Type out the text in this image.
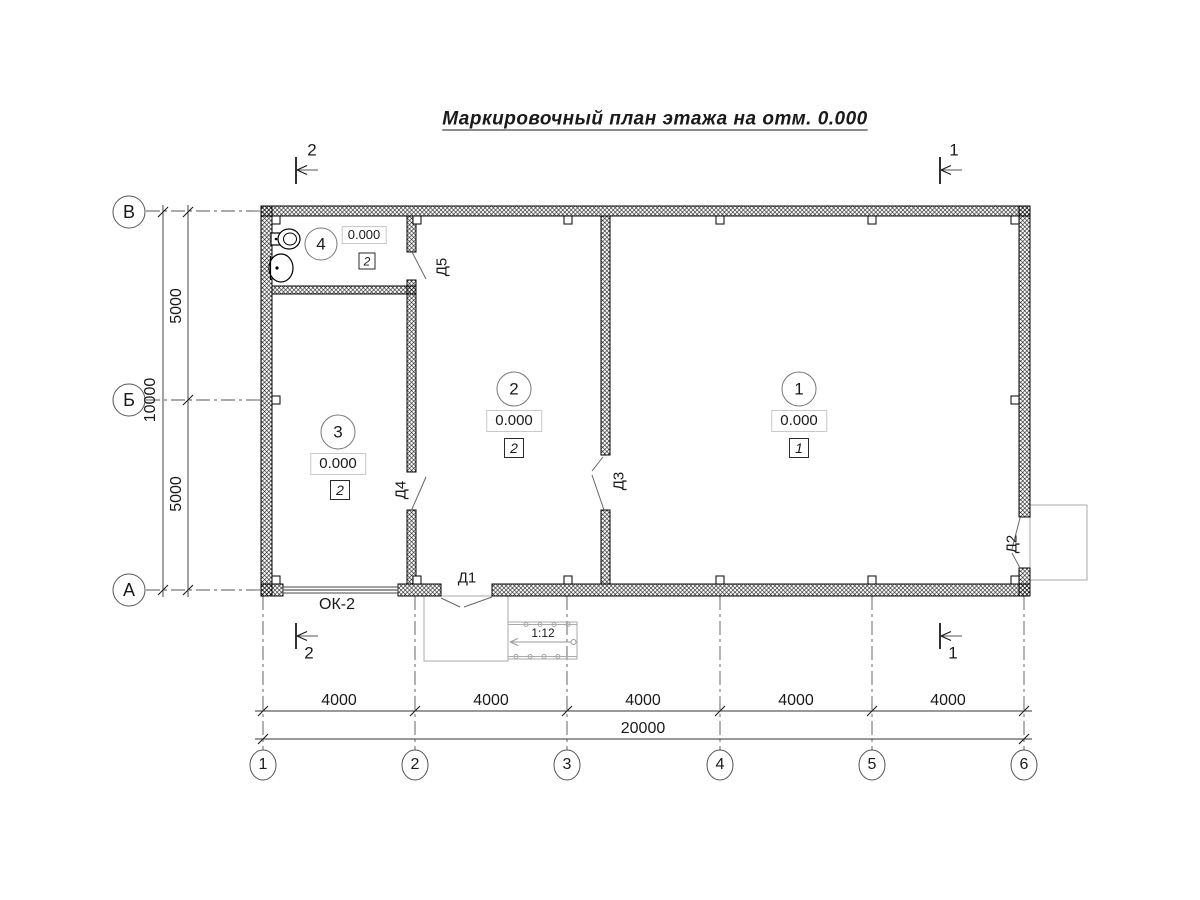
Маркировочный план этажа на отм. 0.000
2	1
2	1
В
Б
А
1	2	3	4	5	6
10000
5000
5000
4000	4000	4000	4000	4000
20000
1
2
3
4
0.000
0.000
0.000
0.000
1
2
2
2
Д1
Д2
Д3
Д4
Д5
ОК-2
1:12
